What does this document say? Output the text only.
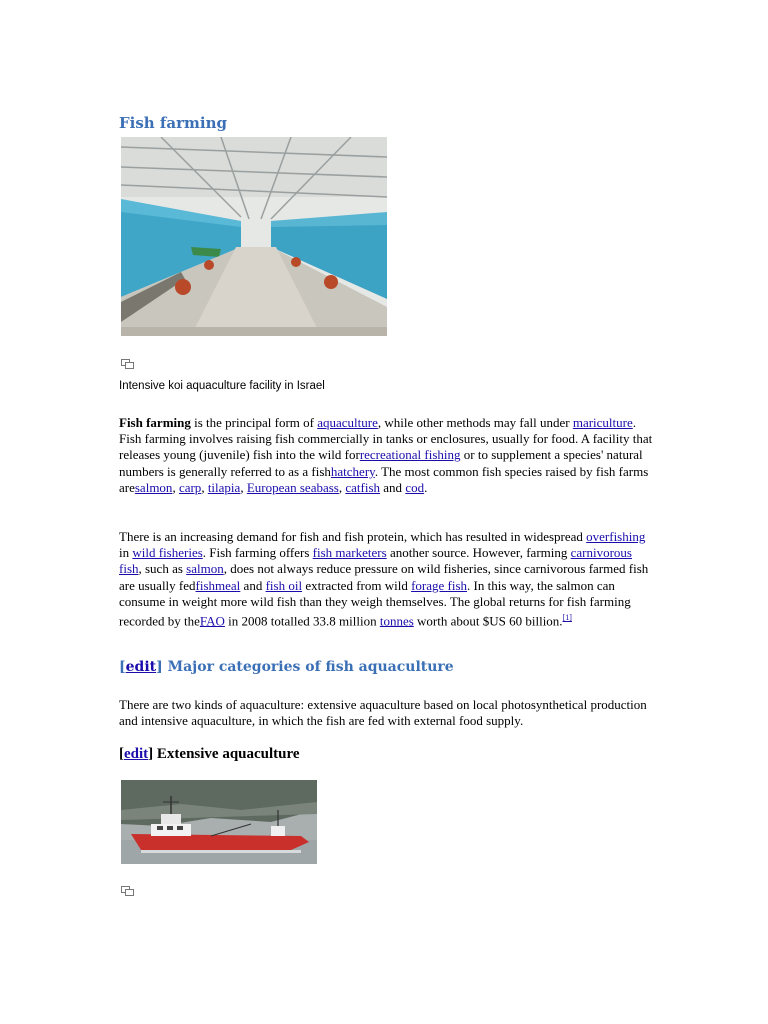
Fish farming
Intensive koi aquaculture facility in Israel

Fish farming is the principal form of aquaculture, while other methods may fall under mariculture. Fish farming involves raising fish commercially in tanks or enclosures, usually for food. A facility that releases young (juvenile) fish into the wild forrecreational fishing or to supplement a species' natural numbers is generally referred to as a fishhatchery. The most common fish species raised by fish farms aresalmon, carp, tilapia, European seabass, catfish and cod.

There is an increasing demand for fish and fish protein, which has resulted in widespread overfishing in wild fisheries. Fish farming offers fish marketers another source. However, farming carnivorous fish, such as salmon, does not always reduce pressure on wild fisheries, since carnivorous farmed fish are usually fedfishmeal and fish oil extracted from wild forage fish. In this way, the salmon can consume in weight more wild fish than they weigh themselves. The global returns for fish farming recorded by theFAO in 2008 totalled 33.8 million tonnes worth about $US 60 billion.[1]

[edit] Major categories of fish aquaculture

There are two kinds of aquaculture: extensive aquaculture based on local photosynthetical production and intensive aquaculture, in which the fish are fed with external food supply.

[edit] Extensive aquaculture
